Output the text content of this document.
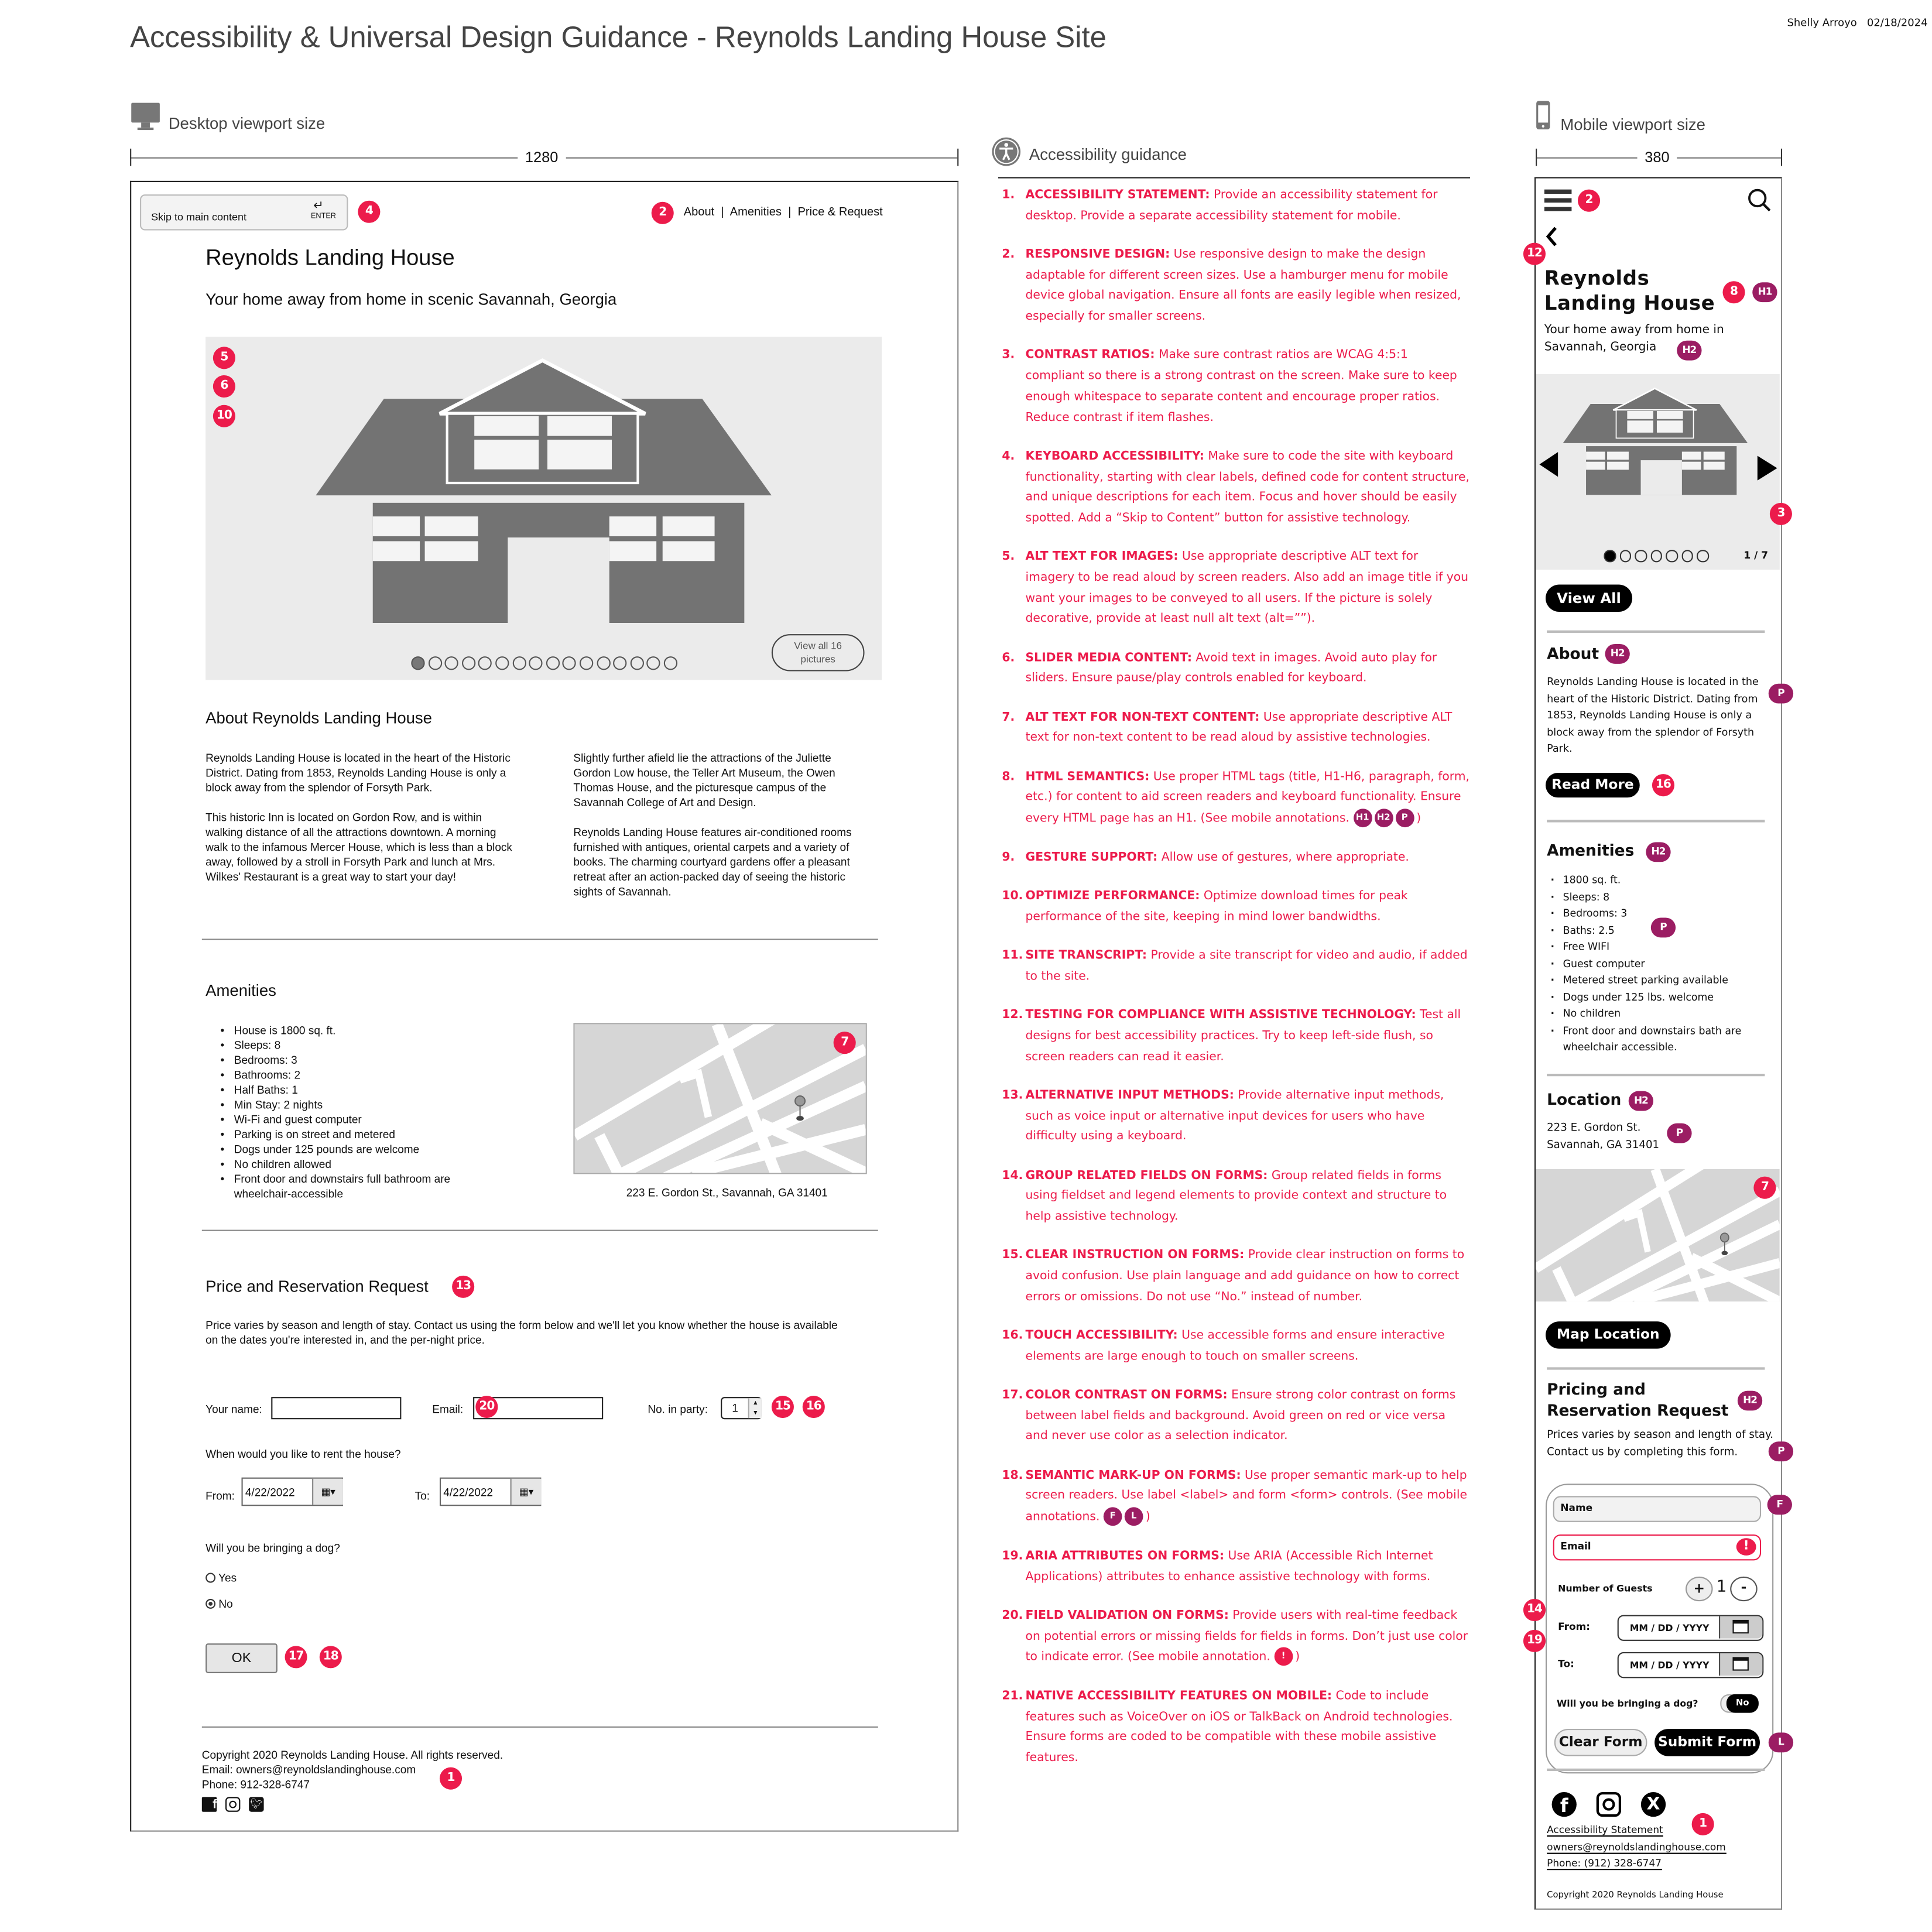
Accessibility & Universal Design Guidance - Reynolds Landing House Site	Shelly Arroyo 02/18/2024
Desktop viewport size
1280
Skip to main content
↵
ENTER	4	2	About  |  Amenities  |  Price & Request
Reynolds Landing House
Your home away from home in scenic Savannah, Georgia
View all 16 pictures
5
6
10
About Reynolds Landing House

Reynolds Landing House is located in the heart of the Historic District. Dating from 1853, Reynolds Landing House is only a block away from the splendor of Forsyth Park.

This historic Inn is located on Gordon Row, and is within walking distance of all the attractions downtown. A morning walk to the infamous Mercer House, which is less than a block away, followed by a stroll in Forsyth Park and lunch at Mrs. Wilkes' Restaurant is a great way to start your day!

Slightly further afield lie the attractions of the Juliette Gordon Low house, the Teller Art Museum, the Owen Thomas House, and the picturesque campus of the Savannah College of Art and Design.

Reynolds Landing House features air-conditioned rooms furnished with antiques, oriental carpets and a variety of books. The charming courtyard gardens offer a pleasant retreat after an action-packed day of seeing the historic sights of Savannah.

Amenities
• House is 1800 sq. ft.
• Sleeps: 8
• Bedrooms: 3
• Bathrooms: 2
• Half Baths: 1
• Min Stay: 2 nights
• Wi-Fi and guest computer
• Parking is on street and metered
• Dogs under 125 pounds are welcome
• No children allowed
• Front door and downstairs full bathroom are wheelchair-accessible
7
223 E. Gordon St., Savannah, GA 31401
Price and Reservation Request	13
Price varies by season and length of stay. Contact us using the form below and we'll let you know whether the house is available on the dates you're interested in, and the per-night price.
Your name:	Email:	20	No. in party:	1	▲
▼	15	16
When would you like to rent the house?
From: 4/22/2022	▦▾	To:	4/22/2022	▦▾
Will you be bringing a dog?
Yes
No
OK	17	18
Copyright 2020 Reynolds Landing House. All rights reserved.
Email: owners@reynoldslandinghouse.com
Phone: 912-328-6747	1
f	🐦︎
Accessibility guidance
1. ACCESSIBILITY STATEMENT: Provide an accessibility statement for desktop. Provide a separate accessibility statement for mobile.
2. RESPONSIVE DESIGN: Use responsive design to make the design adaptable for different screen sizes. Use a hamburger menu for mobile device global navigation. Ensure all fonts are easily legible when resized, especially for smaller screens.
3. CONTRAST RATIOS: Make sure contrast ratios are WCAG 4:5:1 compliant so there is a strong contrast on the screen. Make sure to keep enough whitespace to separate content and encourage proper ratios. Reduce contrast if item flashes.
4. KEYBOARD ACCESSIBILITY: Make sure to code the site with keyboard functionality, starting with clear labels, defined code for content structure, and unique descriptions for each item. Focus and hover should be easily spotted. Add a “Skip to Content” button for assistive technology.
5. ALT TEXT FOR IMAGES: Use appropriate descriptive ALT text for imagery to be read aloud by screen readers. Also add an image title if you want your images to be conveyed to all users. If the picture is solely decorative, provide at least null alt text (alt=””).
6. SLIDER MEDIA CONTENT: Avoid text in images. Avoid auto play for sliders. Ensure pause/play controls enabled for keyboard.
7. ALT TEXT FOR NON-TEXT CONTENT: Use appropriate descriptive ALT text for non-text content to be read aloud by assistive technologies.
8. HTML SEMANTICS: Use proper HTML tags (title, H1-H6, paragraph, form, etc.) for content to aid screen readers and keyboard functionality. Ensure every HTML page has an H1. (See mobile annotations. H1 H2	P )
9. GESTURE SUPPORT: Allow use of gestures, where appropriate.
10. OPTIMIZE PERFORMANCE: Optimize download times for peak performance of the site, keeping in mind lower bandwidths.
11. SITE TRANSCRIPT: Provide a site transcript for video and audio, if added to the site.
12. TESTING FOR COMPLIANCE WITH ASSISTIVE TECHNOLOGY: Test all designs for best accessibility practices. Try to keep left-side flush, so screen readers can read it easier.
13. ALTERNATIVE INPUT METHODS: Provide alternative input methods, such as voice input or alternative input devices for users who have difficulty using a keyboard.
14. GROUP RELATED FIELDS ON FORMS: Group related fields in forms using fieldset and legend elements to provide context and structure to help assistive technology.
15. CLEAR INSTRUCTION ON FORMS: Provide clear instruction on forms to avoid confusion. Use plain language and add guidance on how to correct errors or omissions. Do not use “No.” instead of number.
16. TOUCH ACCESSIBILITY: Use accessible forms and ensure interactive elements are large enough to touch on smaller screens.
17. COLOR CONTRAST ON FORMS: Ensure strong color contrast on forms between label fields and background. Avoid green on red or vice versa and never use color as a selection indicator.
18. SEMANTIC MARK-UP ON FORMS: Use proper semantic mark-up to help screen readers. Use label <label> and form <form> controls. (See mobile annotations. F	L )
19. ARIA ATTRIBUTES ON FORMS: Use ARIA (Accessible Rich Internet Applications) attributes to enhance assistive technology with forms.
20. FIELD VALIDATION ON FORMS: Provide users with real-time feedback on potential errors or missing fields for fields in forms. Don’t just use color to indicate error. (See mobile annotation.	! )
21. NATIVE ACCESSIBILITY FEATURES ON MOBILE: Code to include features such as VoiceOver on iOS or TalkBack on Android technologies. Ensure forms are coded to be compatible with these mobile assistive features.
Mobile viewport size
380
Reynolds
Landing House
Your home away from home in Savannah, Georgia
1 / 7
View All
About
Reynolds Landing House is located in the heart of the Historic District. Dating from 1853, Reynolds Landing House is only a block away from the splendor of Forsyth Park.
Read More
Amenities
· 1800 sq. ft.
· Sleeps: 8
· Bedrooms: 3
· Baths: 2.5
· Free WIFI
· Guest computer
· Metered street parking available
· Dogs under 125 lbs. welcome
· No children
· Front door and downstairs bath are wheelchair accessible.
Location
223 E. Gordon St.
Savannah, GA 31401
Map Location
Pricing and
Reservation Request
Prices varies by season and length of stay. Contact us by completing this form.
Name
Email	!
Number of Guests	+	1	-
From:	MM / DD / YYYY
To:	MM / DD / YYYY
Will you be bringing a dog?	No
Clear Form	Submit Form
f	X
Accessibility Statement
owners@reynoldslandinghouse.com
Phone: (912) 328-6747
Copyright 2020 Reynolds Landing House
2
12
8	H1
H2
3
H2
P
16
H2
P
H2
P
7
H2
P
F
14
19
L
1
